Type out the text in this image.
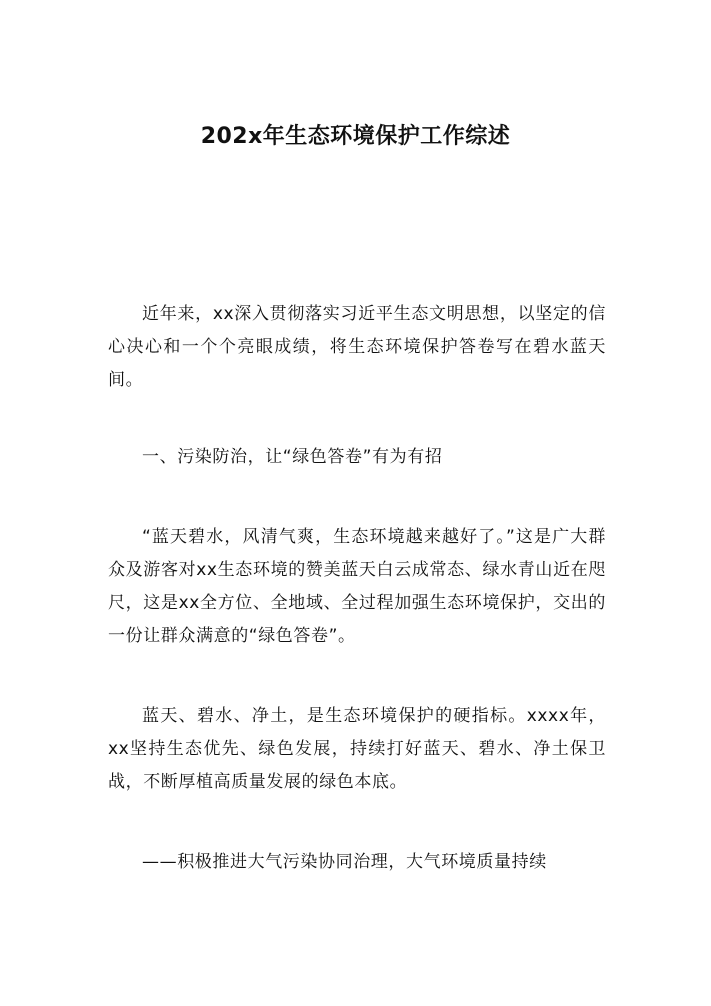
202x年生态环境保护工作综述

近年来，xx深入贯彻落实习近平生态文明思想，以坚定的信心决心和一个个亮眼成绩，将生态环境保护答卷写在碧水蓝天间。

一、污染防治，让“绿色答卷”有为有招

“蓝天碧水，风清气爽，生态环境越来越好了。”这是广大群众及游客对xx生态环境的赞美蓝天白云成常态、绿水青山近在咫尺，这是xx全方位、全地域、全过程加强生态环境保护，交出的一份让群众满意的“绿色答卷”。

蓝天、碧水、净土，是生态环境保护的硬指标。xxxx年，xx坚持生态优先、绿色发展，持续打好蓝天、碧水、净土保卫战，不断厚植高质量发展的绿色本底。

——积极推进大气污染协同治理，大气环境质量持续
